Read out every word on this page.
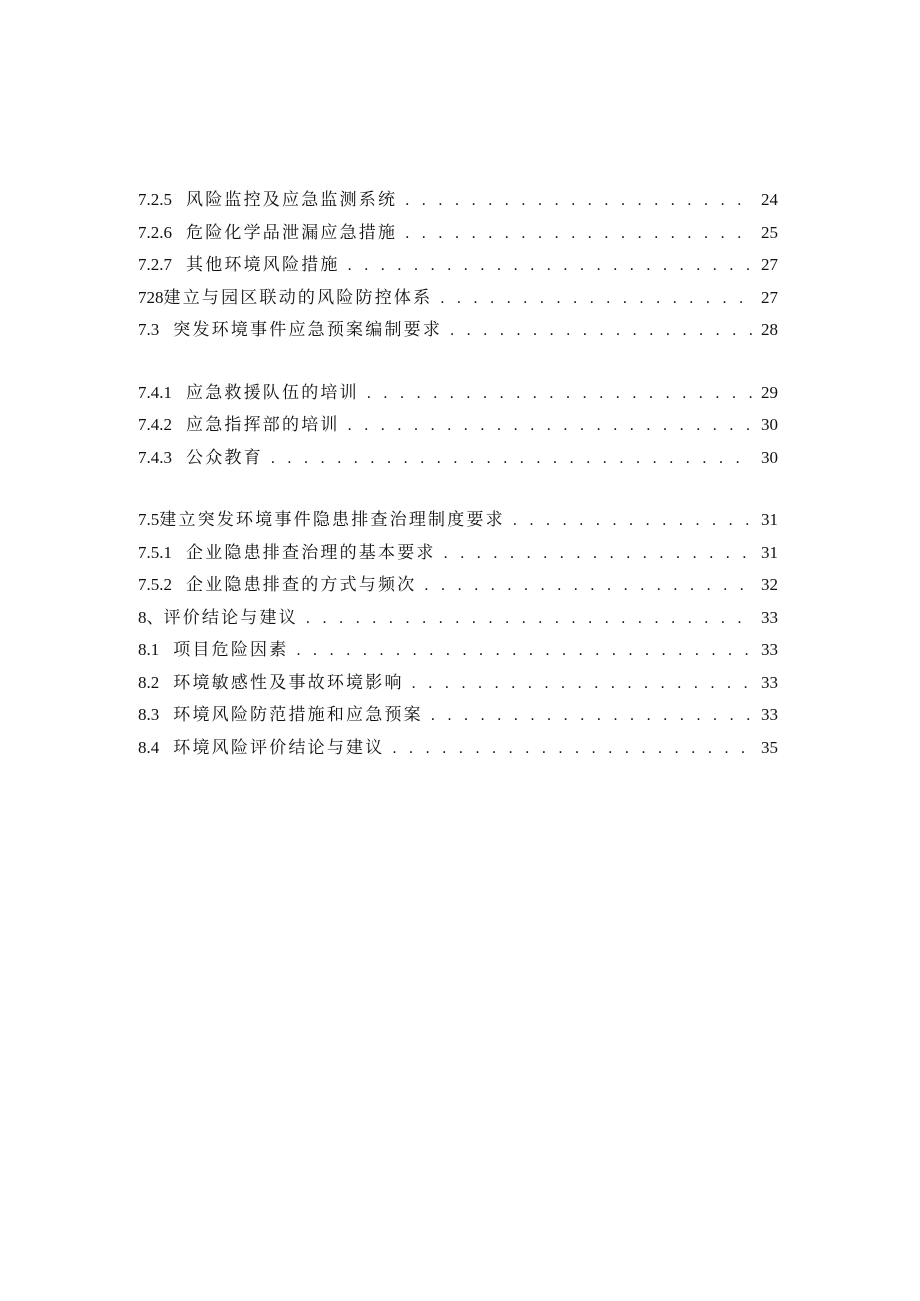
7.2.5 风险监控及应急监测系统 . . .	24
7.2.6 危险化学品泄漏应急措施 . . .	25
7.2.7 其他环境风险措施 . . .	27
728 建立与园区联动的风险防控体系 . . .	27
7.3 突发环境事件应急预案编制要求 . . .	28
7.4.1 应急救援队伍的培训 . . .	29
7.4.2 应急指挥部的培训 . . .	30
7.4.3 公众教育 . . .	30
7.5 建立突发环境事件隐患排查治理制度要求 . . .	31
7.5.1 企业隐患排查治理的基本要求 . . .	31
7.5.2 企业隐患排查的方式与频次 . . .	32
8、 评价结论与建议 . . .	33
8.1 项目危险因素 . . .	33
8.2 环境敏感性及事故环境影响 . . .	33
8.3 环境风险防范措施和应急预案 . . .	33
8.4 环境风险评价结论与建议 . . .	35
